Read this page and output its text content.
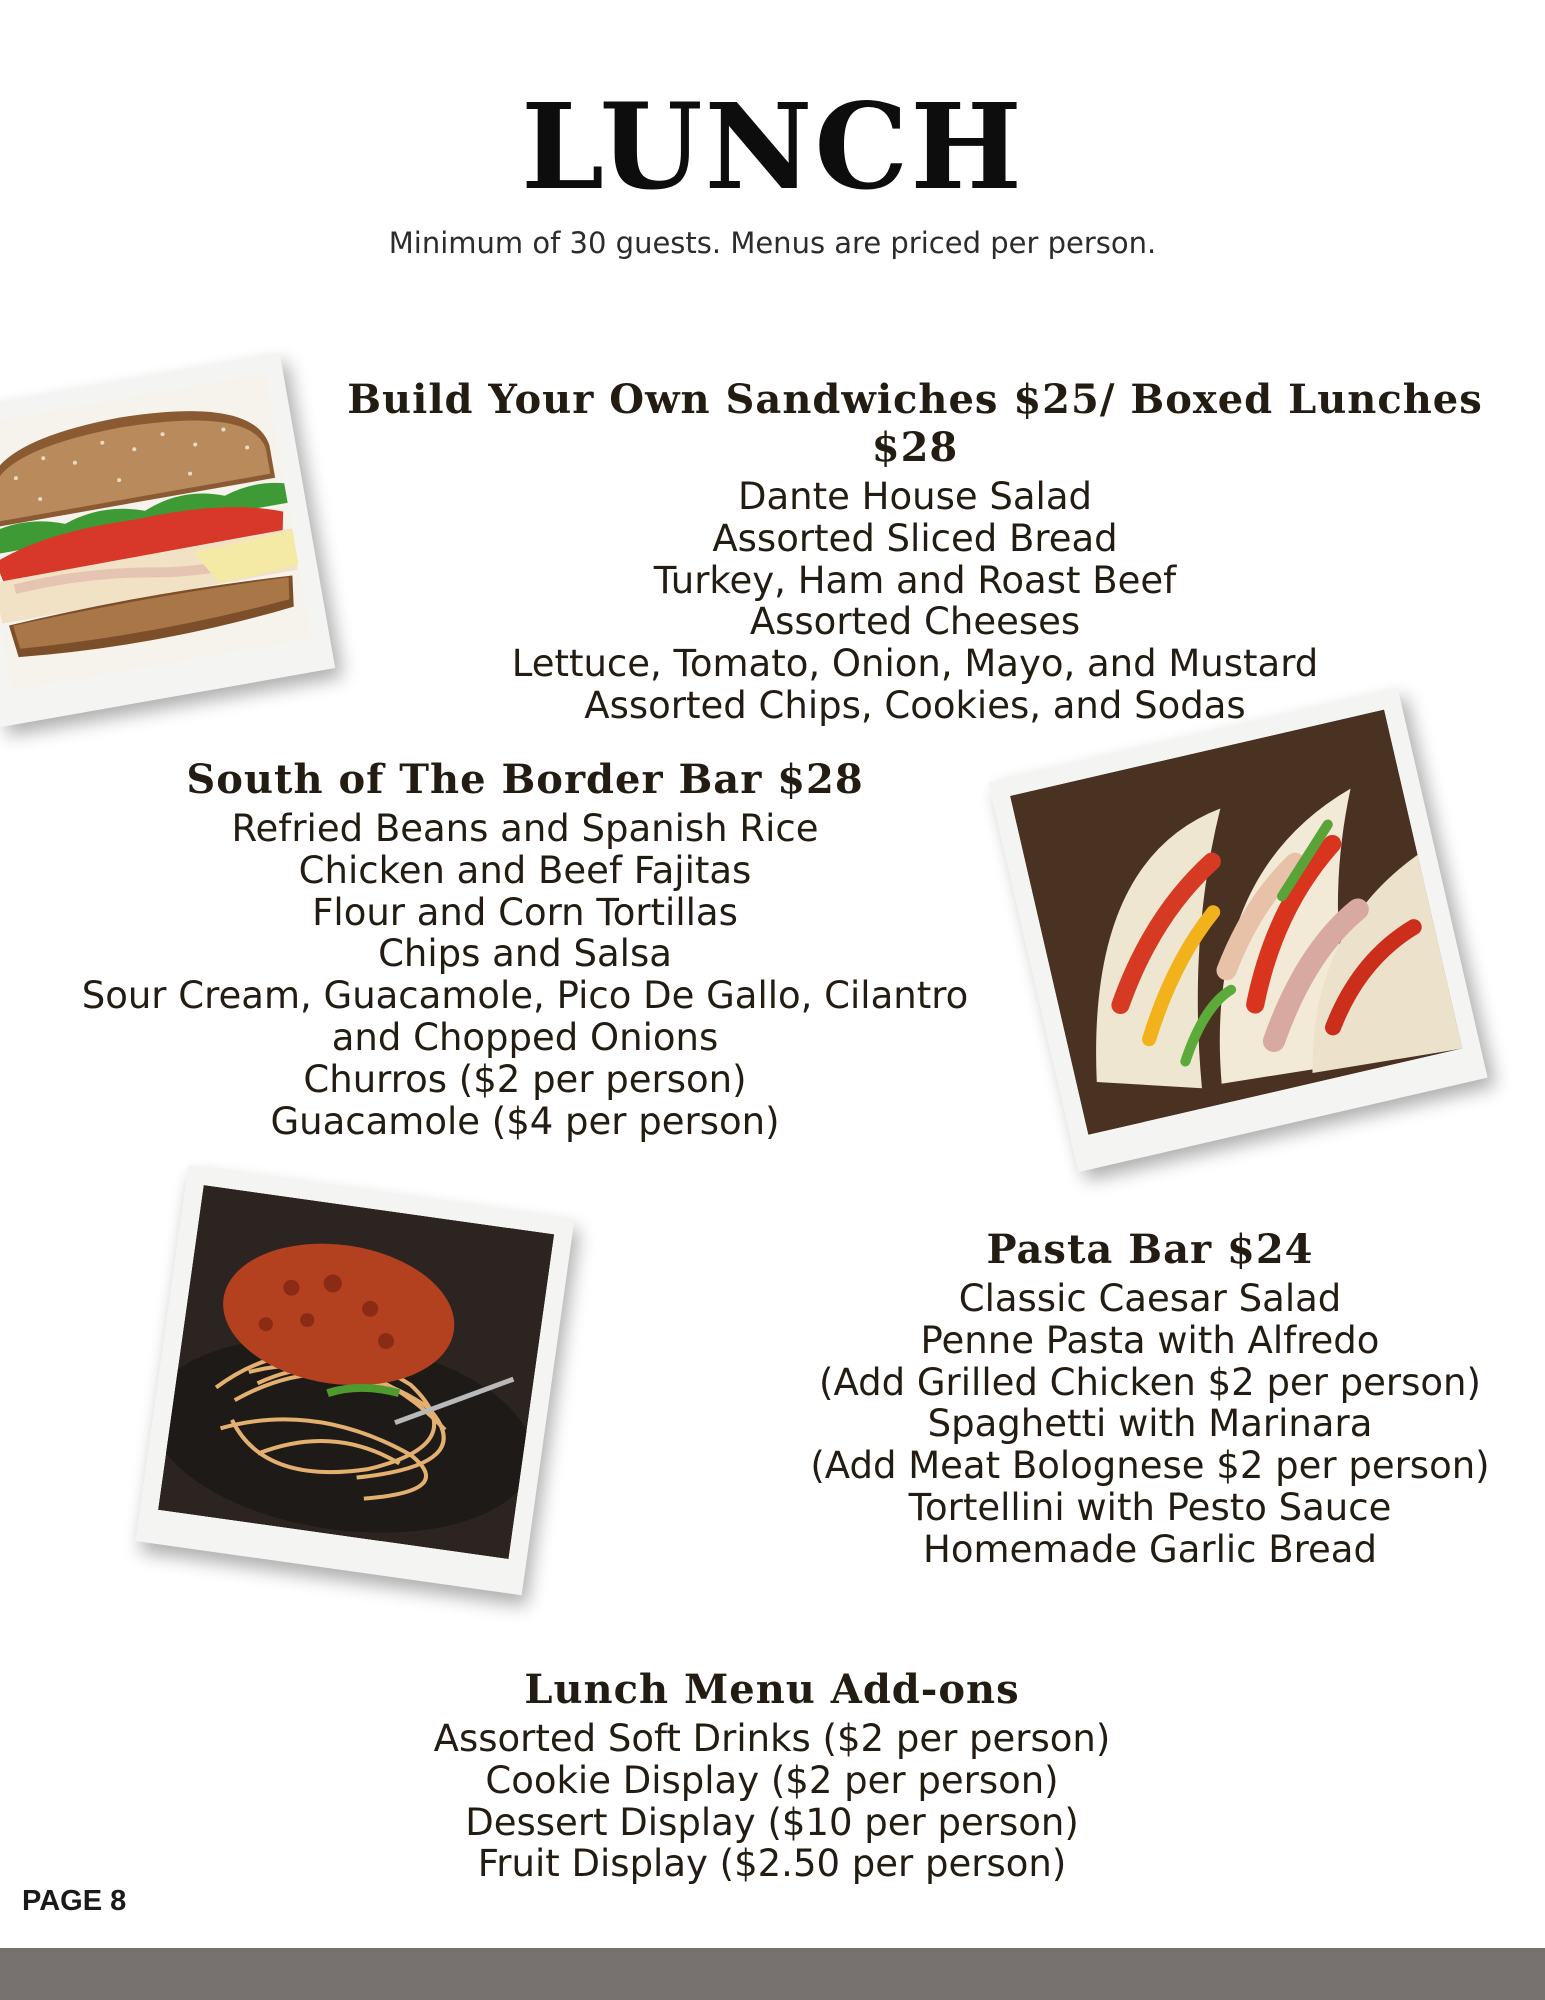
LUNCH
Minimum of 30 guests. Menus are priced per person.
Build Your Own Sandwiches $25/ Boxed Lunches $28
Dante House Salad
Assorted Sliced Bread
Turkey, Ham and Roast Beef
Assorted Cheeses
Lettuce, Tomato, Onion, Mayo, and Mustard
Assorted Chips, Cookies, and Sodas
South of The Border Bar $28
Refried Beans and Spanish Rice
Chicken and Beef Fajitas
Flour and Corn Tortillas
Chips and Salsa
Sour Cream, Guacamole, Pico De Gallo, Cilantro
and Chopped Onions
Churros ($2 per person)
Guacamole ($4 per person)
Pasta Bar $24
Classic Caesar Salad
Penne Pasta with Alfredo
(Add Grilled Chicken $2 per person)
Spaghetti with Marinara
(Add Meat Bolognese $2 per person)
Tortellini with Pesto Sauce
Homemade Garlic Bread
Lunch Menu Add-ons
Assorted Soft Drinks ($2 per person)
Cookie Display ($2 per person)
Dessert Display ($10 per person)
Fruit Display ($2.50 per person)
PAGE 8
